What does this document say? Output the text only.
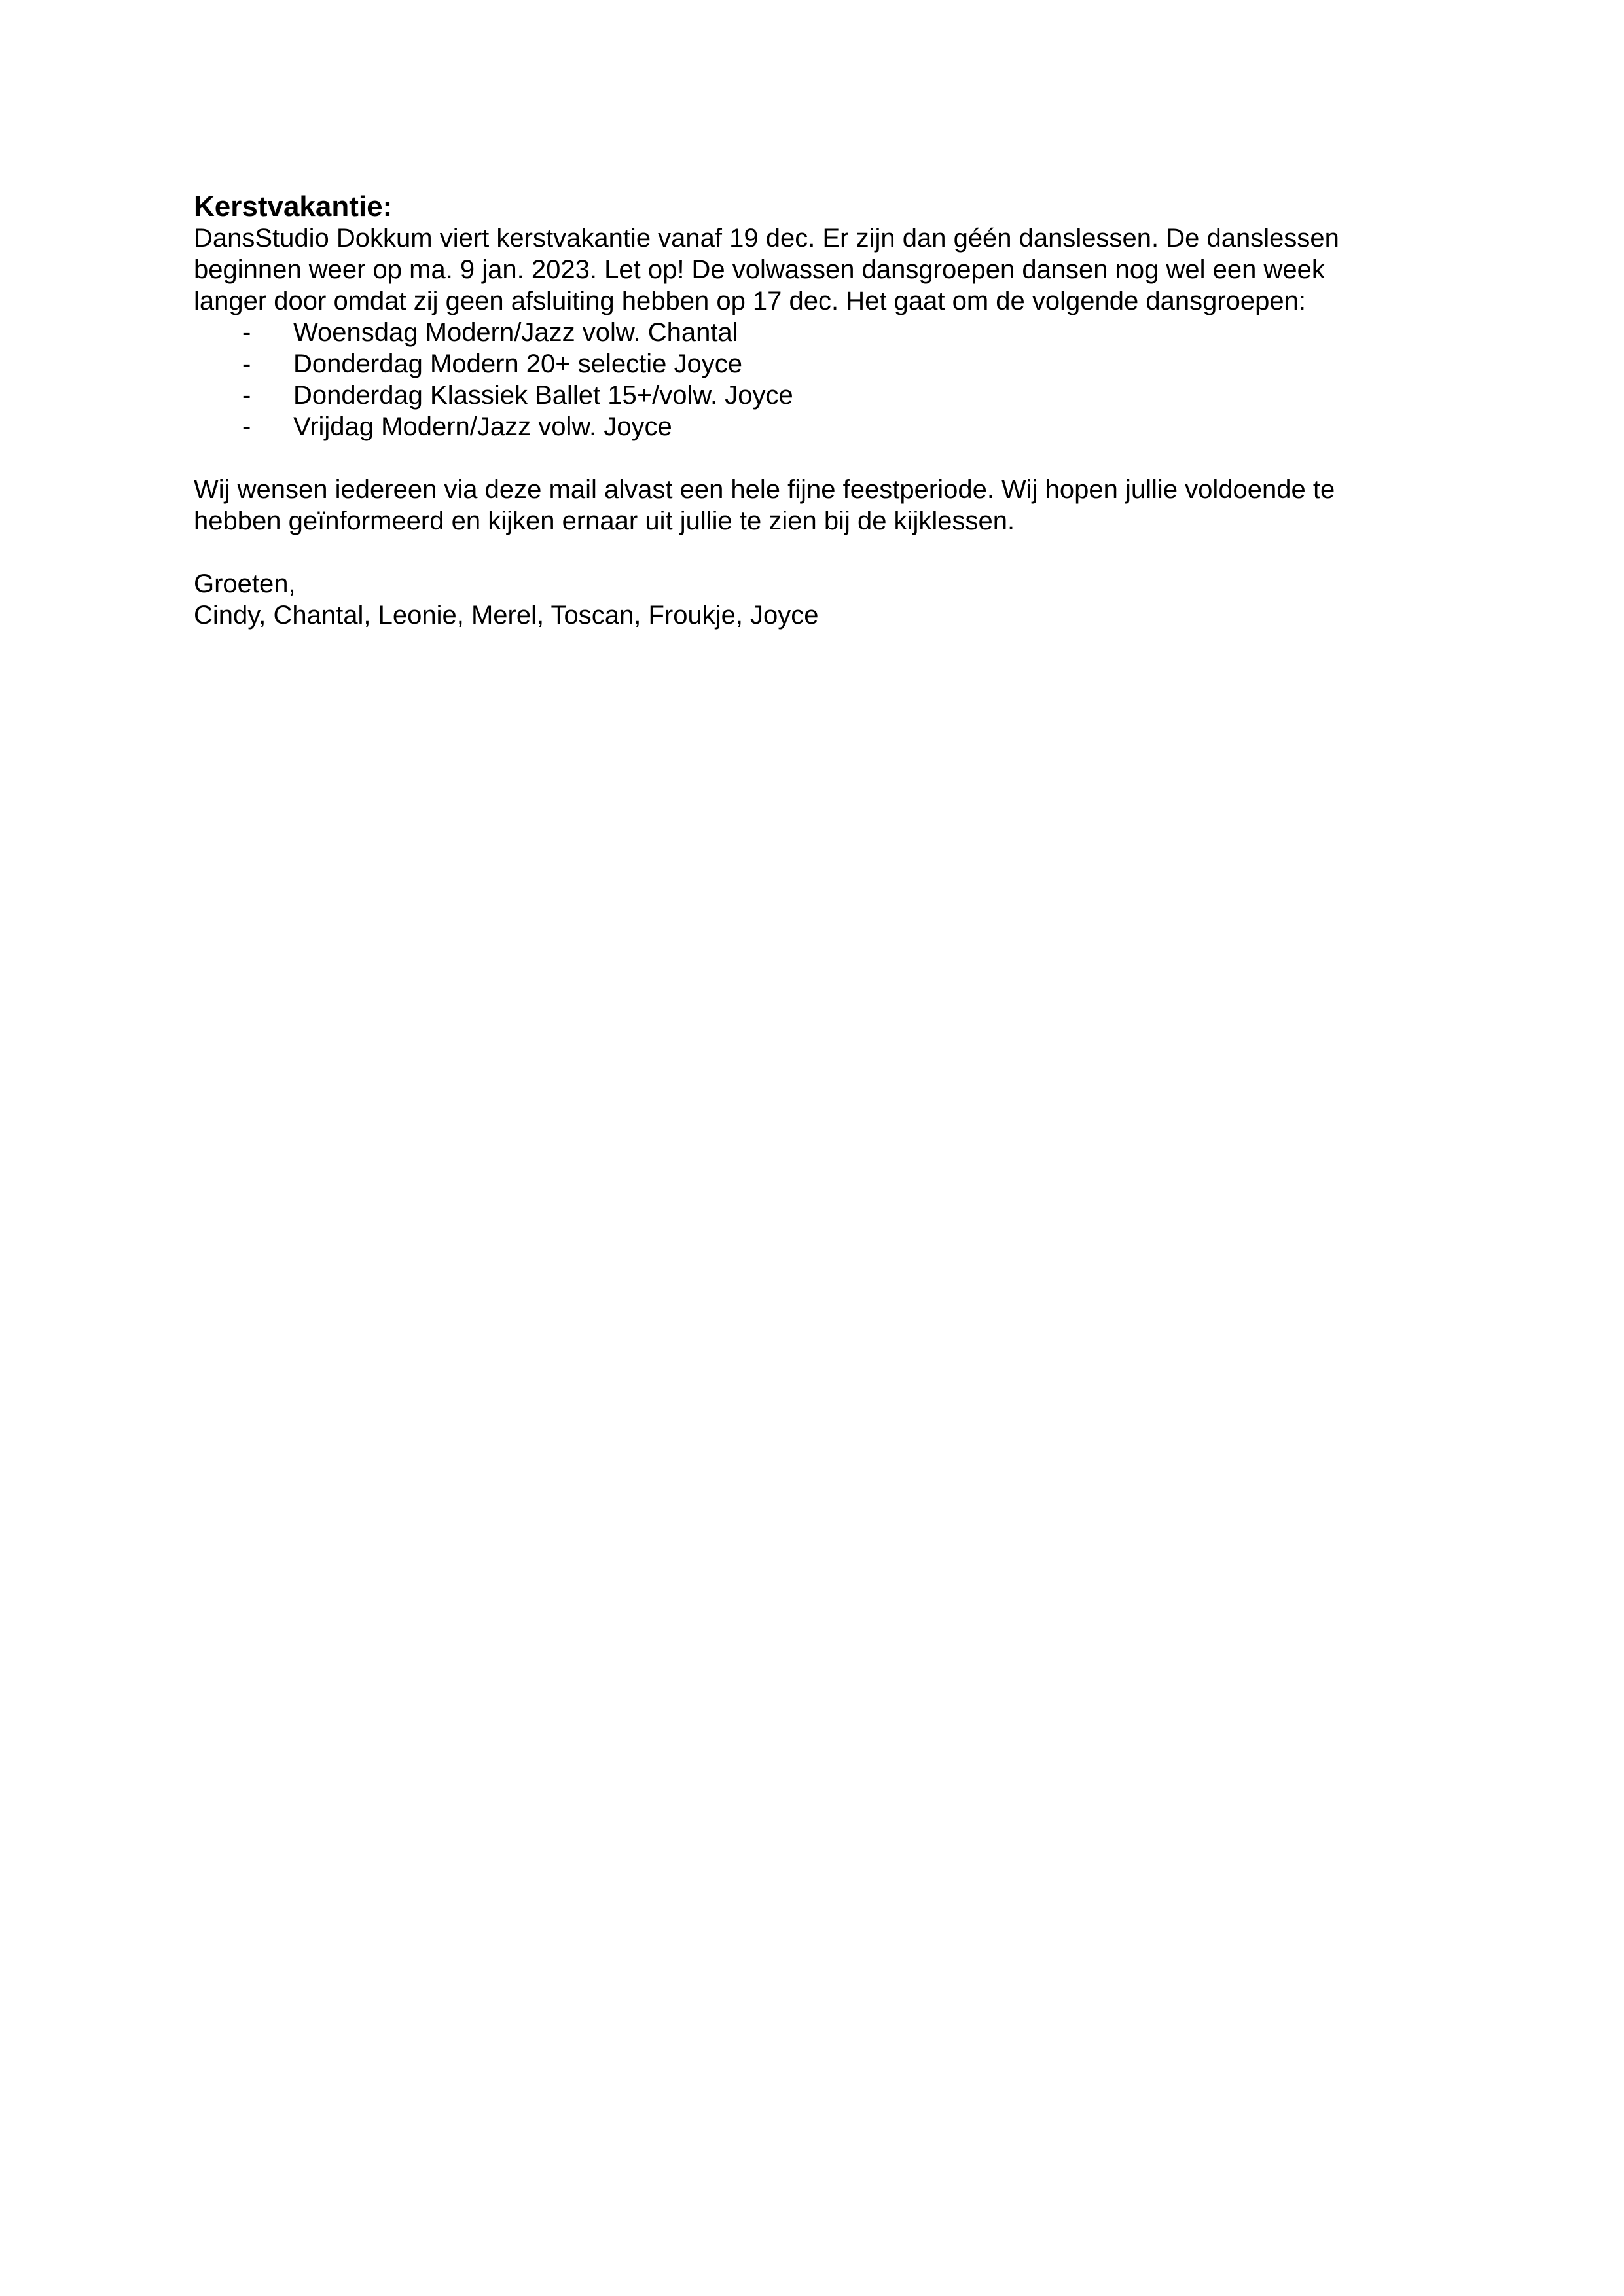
Kerstvakantie:

DansStudio Dokkum viert kerstvakantie vanaf 19 dec. Er zijn dan géén danslessen. De danslessen
beginnen weer op ma. 9 jan. 2023. Let op! De volwassen dansgroepen dansen nog wel een week
langer door omdat zij geen afsluiting hebben op 17 dec. Het gaat om de volgende dansgroepen:

- Woensdag Modern/Jazz volw. Chantal
- Donderdag Modern 20+ selectie Joyce
- Donderdag Klassiek Ballet 15+/volw. Joyce
- Vrijdag Modern/Jazz volw. Joyce

Wij wensen iedereen via deze mail alvast een hele fijne feestperiode. Wij hopen jullie voldoende te
hebben geïnformeerd en kijken ernaar uit jullie te zien bij de kijklessen.

Groeten,
Cindy, Chantal, Leonie, Merel, Toscan, Froukje, Joyce
